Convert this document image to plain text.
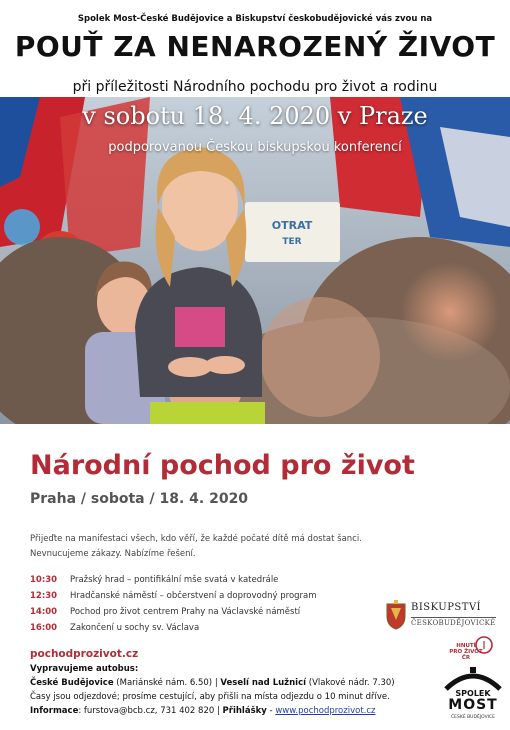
Spolek Most-České Budějovice a Biskupství českobudějovické vás zvou na
POUŤ ZA NENAROZENÝ ŽIVOT
při příležitosti Národního pochodu pro život a rodinu
OTRAT
TER
v sobotu 18. 4. 2020 v Praze
podporovanou Českou biskupskou konferencí
Národní pochod pro život
Praha / sobota / 18. 4. 2020
Přijeďte na manifestaci všech, kdo věří, že každé počaté dítě má dostat šanci.
Nevnucujeme zákazy. Nabízíme řešení.
10:30 Pražský hrad – pontifikální mše svatá v katedrále
12:30 Hradčanské náměstí – občerstvení a doprovodný program
14:00 Pochod pro život centrem Prahy na Václavské náměstí
16:00 Zakončení u sochy sv. Václava
pochodprozivot.cz
Vypravujeme autobus:
České Budějovice (Mariánské nám. 6.50) | Veselí nad Lužnicí (Vlakové nádr. 7.30)
Časy jsou odjezdové; prosíme cestující, aby přišli na místa odjezdu o 10 minut dříve.
Informace: furstova@bcb.cz, 731 402 820 | Přihlášky - www.pochodprozivot.cz
BISKUPSTVÍ
ČESKOBUDĚJOVICKÉ
HNUTÍ
PRO ŽIVOT
ČR
SPOLEK
MOST
ČESKÉ BUDĚJOVICE
